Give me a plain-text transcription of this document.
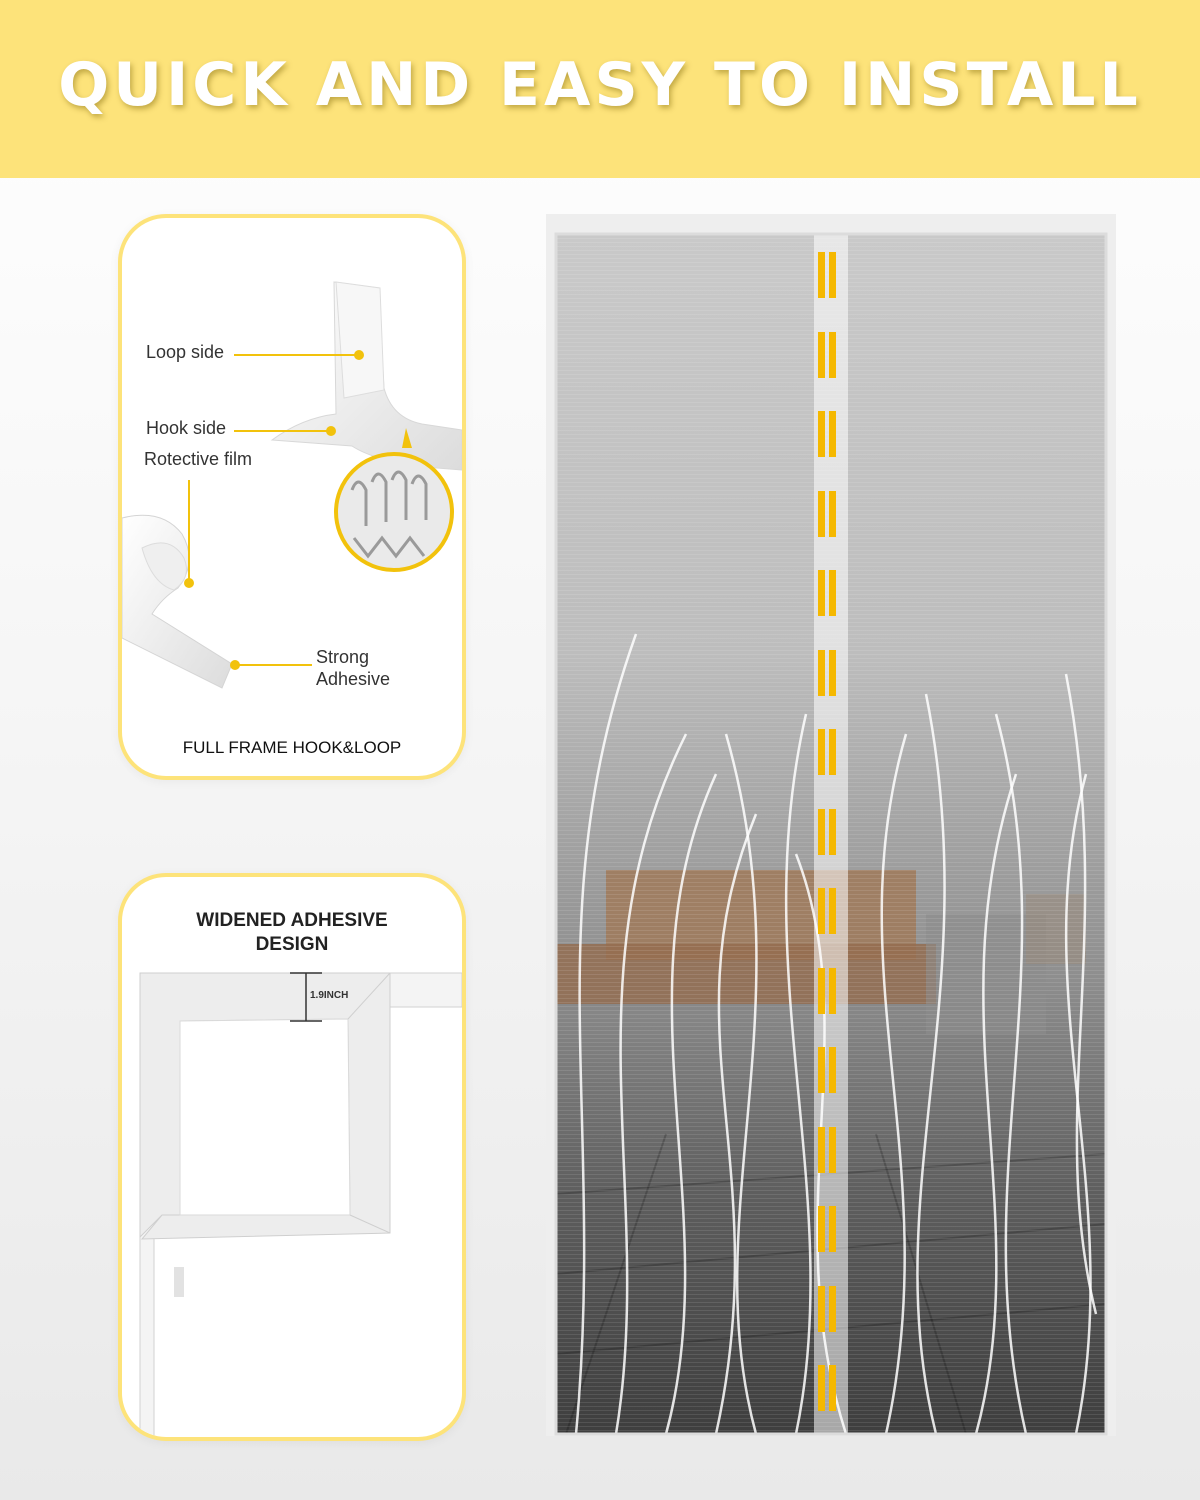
QUICK AND EASY TO INSTALL
Loop side
Hook side
Rotective film
Strong
Adhesive
FULL FRAME HOOK&LOOP
WIDENED ADHESIVE
DESIGN
1.9INCH
